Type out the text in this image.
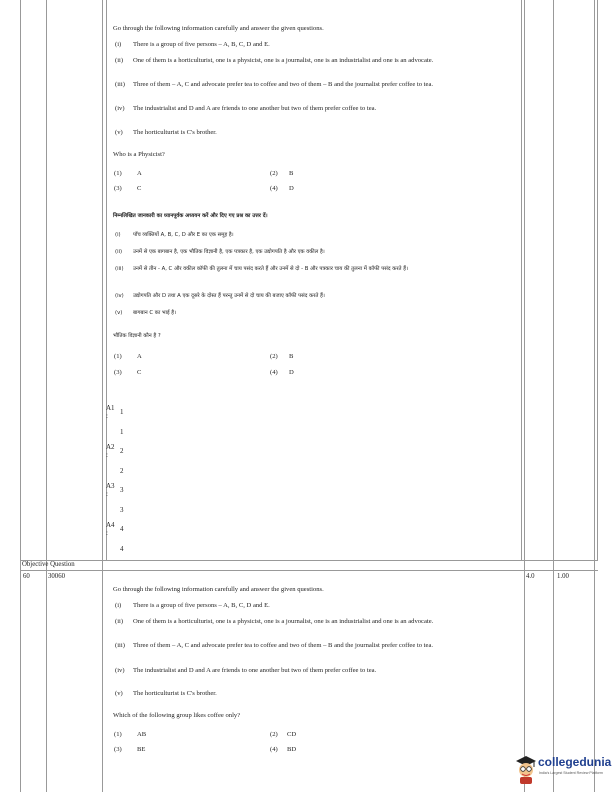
Go through the following information carefully and answer the given questions.
(i) There is a group of five persons – A, B, C, D and E.
(ii) One of them is a horticulturist, one is a physicist, one is a journalist, one is an industrialist and one is an advocate.
(iii) Three of them – A, C and advocate prefer tea to coffee and two of them – B and the journalist prefer coffee to tea.
(iv) The industrialist and D and A are friends to one another but two of them prefer coffee to tea.
(v) The horticulturist is C's brother.
Who is a Physicist?
(1) A	(2) B
(3) C	(4) D
निम्नलिखित जानकारी का ध्यानपूर्वक अध्ययन करें और दिए गए प्रश्न का उत्तर दें।
(i) पाँच व्यक्तियों A, B, C, D और E का एक समूह है।
(ii) उनमें से एक बागबान है, एक भौतिक विज्ञानी है, एक पत्रकार है, एक उद्योगपति है और एक वकील है।
(iii) उनमें से तीन - A, C और वकील कॉफी की तुलना में चाय पसंद करते हैं और उनमें से दो - B और पत्रकार चाय की तुलना में कॉफी पसंद करते हैं।
(iv) उद्योगपति और D तथा A एक दूसरे के दोस्त हैं परन्तु उनमें से दो चाय की बजाए कॉफी पसंद करते हैं।
(v) बागबान C का भाई है।
भौतिक विज्ञानी कौन है ?
(1) A	(2) B
(3) C	(4) D
A1
: 1
1
A2
: 2
2
A3
: 3
3
A4
: 4
4
Objective Question
60	30060	4.0	1.00
Go through the following information carefully and answer the given questions.
(i) There is a group of five persons – A, B, C, D and E.
(ii) One of them is a horticulturist, one is a physicist, one is a journalist, one is an industrialist and one is an advocate.
(iii) Three of them – A, C and advocate prefer tea to coffee and two of them – B and the journalist prefer coffee to tea.
(iv) The industrialist and D and A are friends to one another but two of them prefer coffee to tea.
(v) The horticulturist is C's brother.
Which of the following group likes coffee only?
(1) AB	(2) CD
(3) BE	(4) BD
collegedunia
India's Largest Student Review Platform
